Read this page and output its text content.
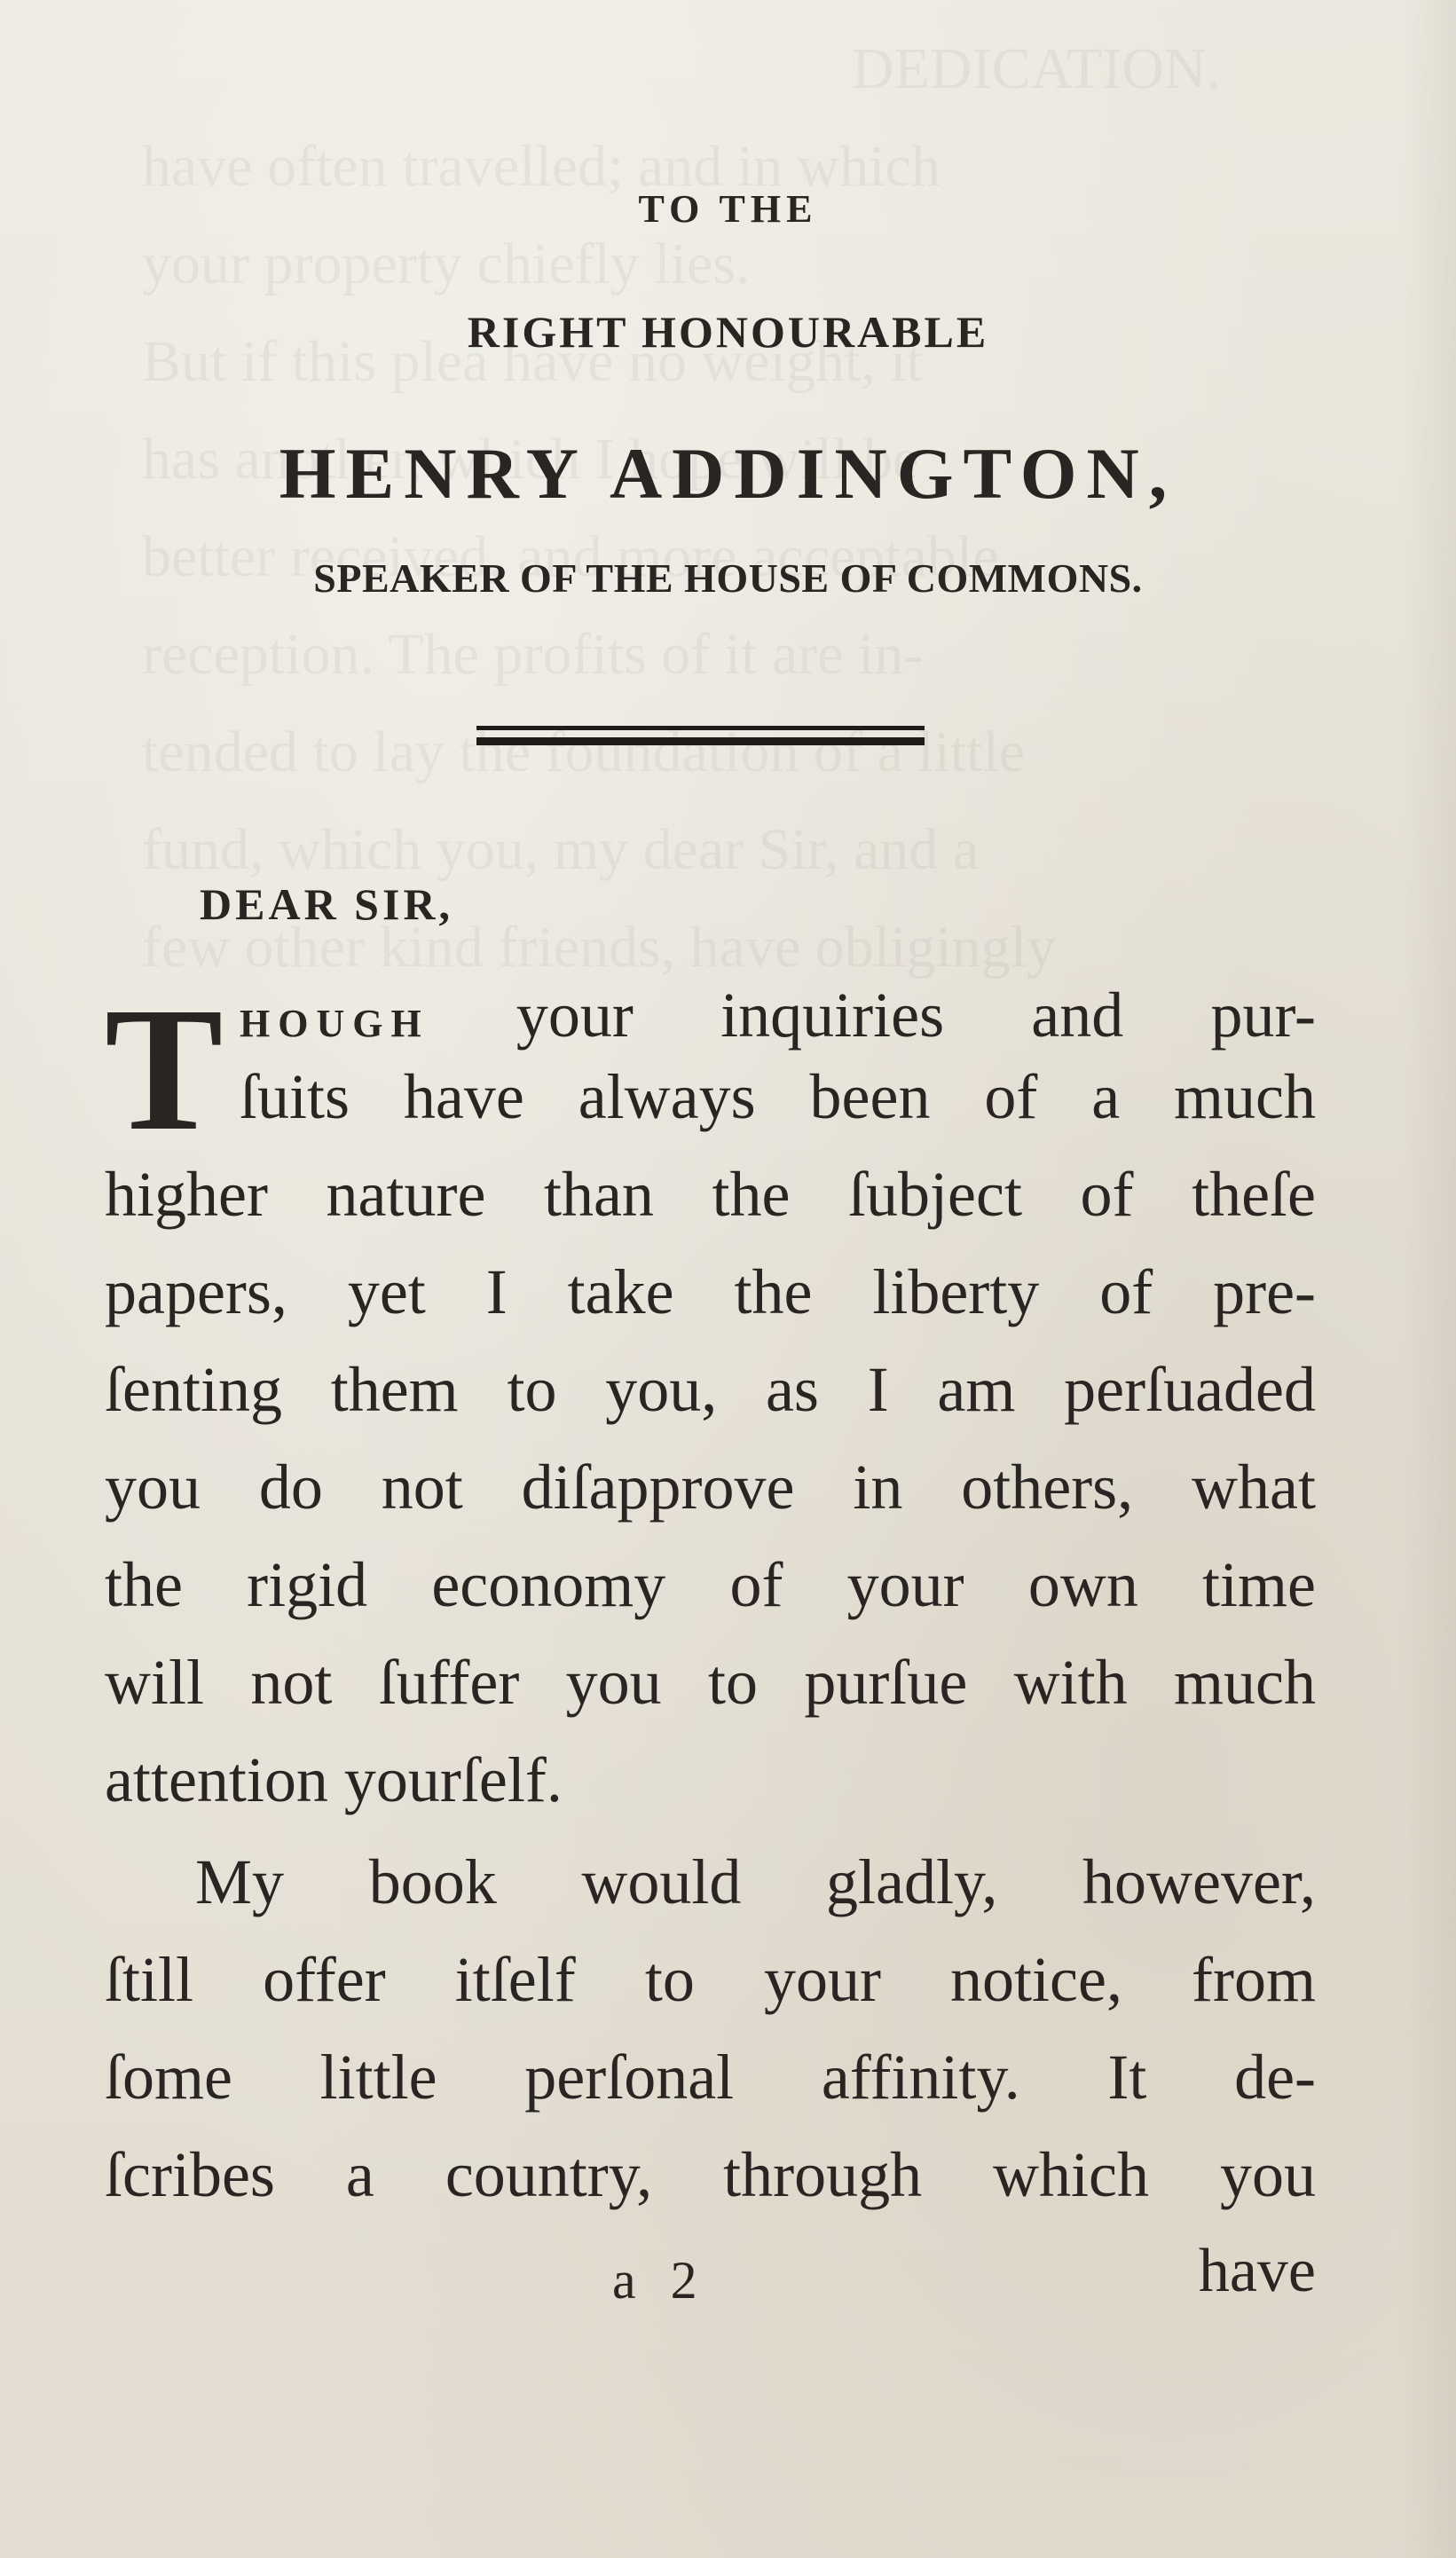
TO THE
RIGHT HONOURABLE
HENRY ADDINGTON,
SPEAKER OF THE HOUSE OF COMMONS.
DEAR SIR,
T HOUGH your inquiries and pur-
ſuits have always been of a much
higher nature than the ſubject of theſe
papers, yet I take the liberty of pre-
ſenting them to you, as I am perſuaded
you do not diſapprove in others, what
the rigid economy of your own time
will not ſuffer you to purſue with much
attention yourſelf.
My book would gladly, however,
ſtill offer itſelf to your notice, from
ſome little perſonal affinity. It de-
ſcribes a country, through which you
a 2	have
